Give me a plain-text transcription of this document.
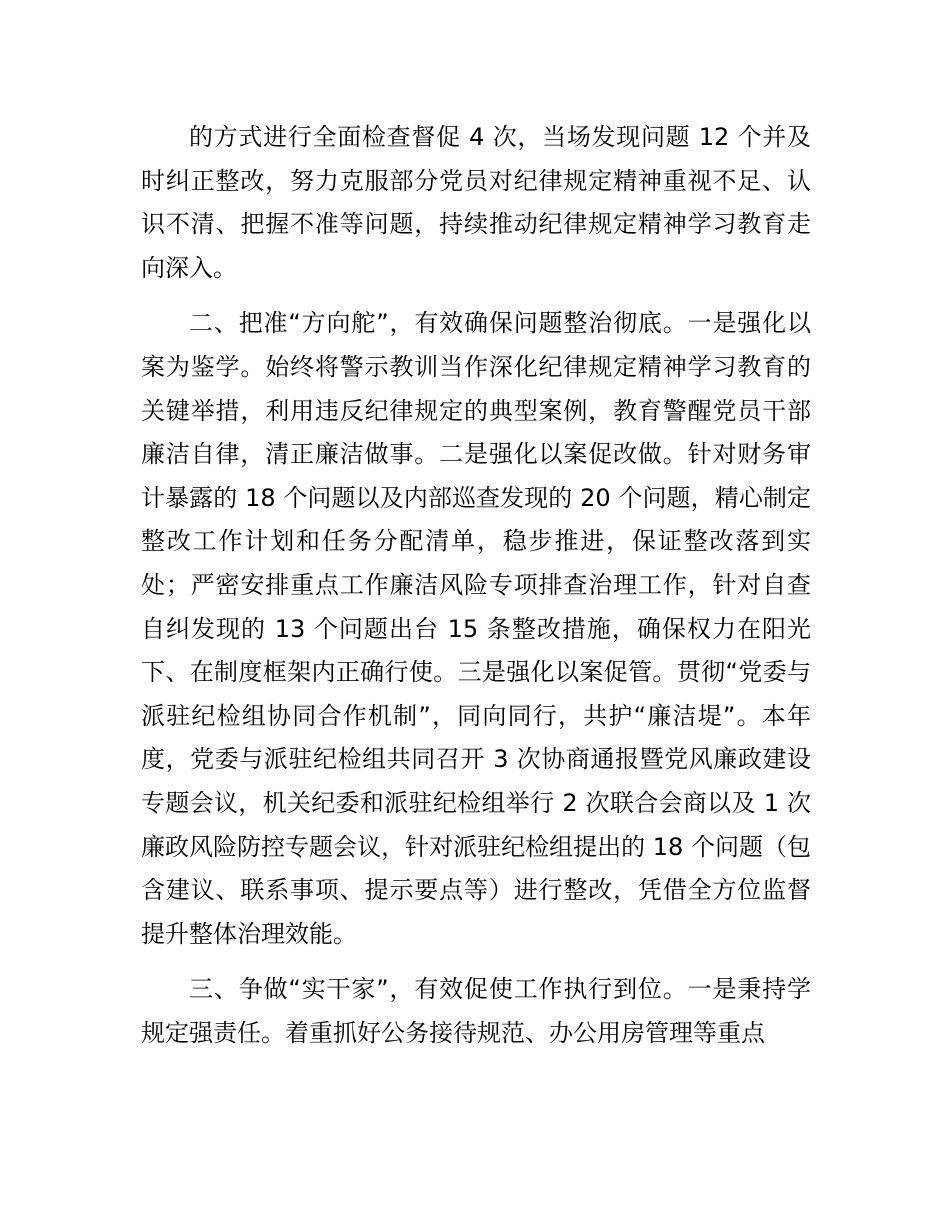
的方式进行全面检查督促 4 次，当场发现问题 12 个并及时纠正整改，努力克服部分党员对纪律规定精神重视不足、认识不清、把握不准等问题，持续推动纪律规定精神学习教育走向深入。

二、把准“方向舵”，有效确保问题整治彻底。一是强化以案为鉴学。始终将警示教训当作深化纪律规定精神学习教育的关键举措，利用违反纪律规定的典型案例，教育警醒党员干部廉洁自律，清正廉洁做事。二是强化以案促改做。针对财务审计暴露的 18 个问题以及内部巡查发现的 20 个问题，精心制定整改工作计划和任务分配清单，稳步推进，保证整改落到实处；严密安排重点工作廉洁风险专项排查治理工作，针对自查自纠发现的 13 个问题出台 15 条整改措施，确保权力在阳光下、在制度框架内正确行使。三是强化以案促管。贯彻“党委与派驻纪检组协同合作机制”，同向同行，共护“廉洁堤”。本年度，党委与派驻纪检组共同召开 3 次协商通报暨党风廉政建设专题会议，机关纪委和派驻纪检组举行 2 次联合会商以及 1 次廉政风险防控专题会议，针对派驻纪检组提出的 18 个问题（包含建议、联系事项、提示要点等）进行整改，凭借全方位监督提升整体治理效能。

三、争做“实干家”，有效促使工作执行到位。一是秉持学规定强责任。着重抓好公务接待规范、办公用房管理等重点
